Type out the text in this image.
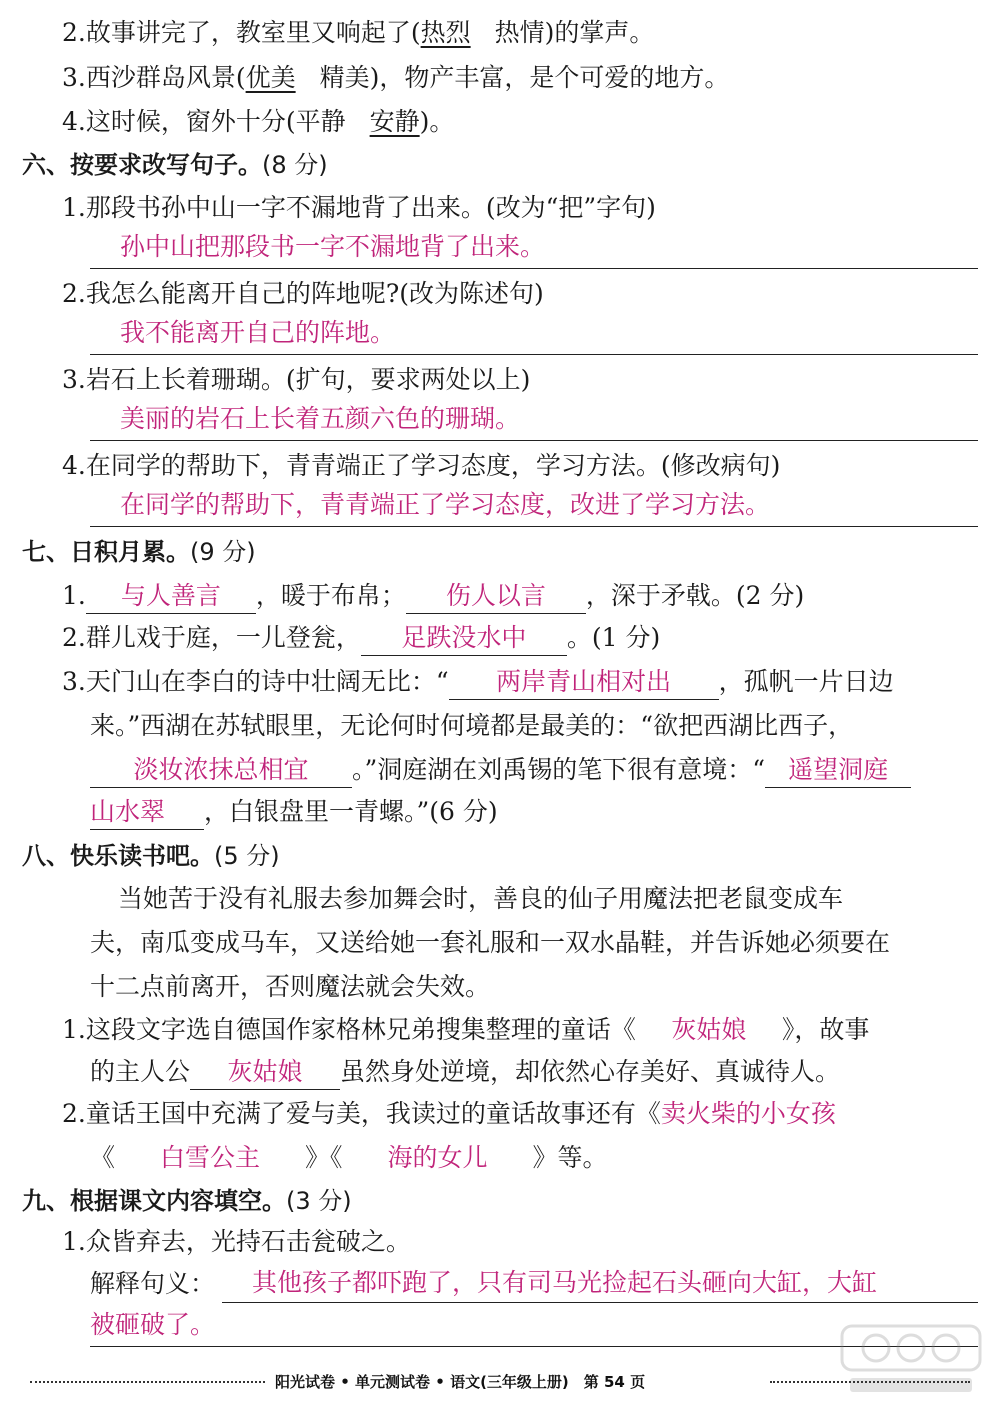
2.故事讲完了，教室里又响起了(热烈 热情)的掌声。
3.西沙群岛风景(优美 精美)，物产丰富，是个可爱的地方。
4.这时候，窗外十分(平静 安静)。
六、按要求改写句子。(8 分)
1.那段书孙中山一字不漏地背了出来。(改为“把”字句)
孙中山把那段书一字不漏地背了出来。
2.我怎么能离开自己的阵地呢?(改为陈述句)
我不能离开自己的阵地。
3.岩石上长着珊瑚。(扩句，要求两处以上)
美丽的岩石上长着五颜六色的珊瑚。
4.在同学的帮助下，青青端正了学习态度，学习方法。(修改病句)
在同学的帮助下，青青端正了学习态度，改进了学习方法。
七、日积月累。(9 分)
1. 与人善言 ，暖于布帛； 伤人以言 ，深于矛戟。(2 分)
2.群儿戏于庭，一儿登瓮， 足跌没水中 。(1 分)
3.天门山在李白的诗中壮阔无比：“ 两岸青山相对出 ，孤帆一片日边
来。”西湖在苏轼眼里，无论何时何境都是最美的：“欲把西湖比西子，
淡妆浓抹总相宜 。”洞庭湖在刘禹锡的笔下很有意境：“ 遥望洞庭
山水翠 ，白银盘里一青螺。”(6 分)
八、快乐读书吧。(5 分)
当她苦于没有礼服去参加舞会时，善良的仙子用魔法把老鼠变成车
夫，南瓜变成马车，又送给她一套礼服和一双水晶鞋，并告诉她必须要在
十二点前离开，否则魔法就会失效。
1.这段文字选自德国作家格林兄弟搜集整理的童话《 灰姑娘 》，故事
的主人公 灰姑娘 虽然身处逆境，却依然心存美好、真诚待人。
2.童话王国中充满了爱与美，我读过的童话故事还有《卖火柴的小女孩
《 白雪公主 》《 海的女儿 》等。
九、根据课文内容填空。(3 分)
1.众皆弃去，光持石击瓮破之。
解释句义： 其他孩子都吓跑了，只有司马光捡起石头砸向大缸，大缸
被砸破了。
阳光试卷 • 单元测试卷 • 语文(三年级上册)　第 54 页
